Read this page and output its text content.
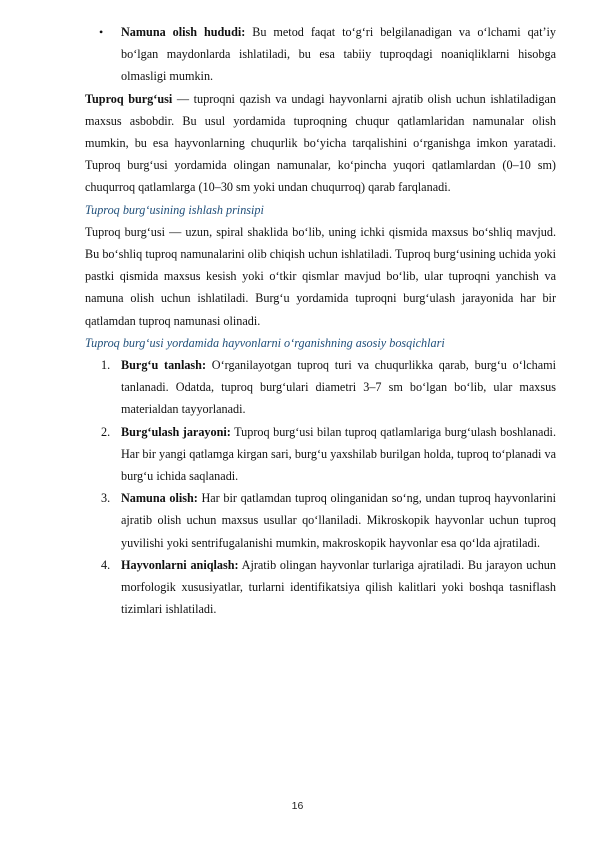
• Namuna olish hududi: Bu metod faqat to‘g‘ri belgilanadigan va o‘lchami qat’iy bo‘lgan maydonlarda ishlatiladi, bu esa tabiiy tuproqdagi noaniqliklarni hisobga olmasligi mumkin.

Tuproq burg‘usi — tuproqni qazish va undagi hayvonlarni ajratib olish uchun ishlatiladigan maxsus asbobdir. Bu usul yordamida tuproqning chuqur qatlamlaridan namunalar olish mumkin, bu esa hayvonlarning chuqurlik bo‘yicha tarqalishini o‘rganishga imkon yaratadi. Tuproq burg‘usi yordamida olingan namunalar, ko‘pincha yuqori qatlamlardan (0–10 sm) chuqurroq qatlamlarga (10–30 sm yoki undan chuqurroq) qarab farqlanadi.

Tuproq burg‘usining ishlash prinsipi

Tuproq burg‘usi — uzun, spiral shaklida bo‘lib, uning ichki qismida maxsus bo‘shliq mavjud. Bu bo‘shliq tuproq namunalarini olib chiqish uchun ishlatiladi. Tuproq burg‘usining uchida yoki pastki qismida maxsus kesish yoki o‘tkir qismlar mavjud bo‘lib, ular tuproqni yanchish va namuna olish uchun ishlatiladi. Burg‘u yordamida tuproqni burg‘ulash jarayonida har bir qatlamdan tuproq namunasi olinadi.

Tuproq burg‘usi yordamida hayvonlarni o‘rganishning asosiy bosqichlari

1. Burg‘u tanlash: O‘rganilayotgan tuproq turi va chuqurlikka qarab, burg‘u o‘lchami tanlanadi. Odatda, tuproq burg‘ulari diametri 3–7 sm bo‘lgan bo‘lib, ular maxsus materialdan tayyorlanadi.
2. Burg‘ulash jarayoni: Tuproq burg‘usi bilan tuproq qatlamlariga burg‘ulash boshlanadi. Har bir yangi qatlamga kirgan sari, burg‘u yaxshilab burilgan holda, tuproq to‘planadi va burg‘u ichida saqlanadi.
3. Namuna olish: Har bir qatlamdan tuproq olinganidan so‘ng, undan tuproq hayvonlarini ajratib olish uchun maxsus usullar qo‘llaniladi. Mikroskopik hayvonlar uchun tuproq yuvilishi yoki sentrifugalanishi mumkin, makroskopik hayvonlar esa qo‘lda ajratiladi.
4. Hayvonlarni aniqlash: Ajratib olingan hayvonlar turlariga ajratiladi. Bu jarayon uchun morfologik xususiyatlar, turlarni identifikatsiya qilish kalitlari yoki boshqa tasniflash tizimlari ishlatiladi.
16
